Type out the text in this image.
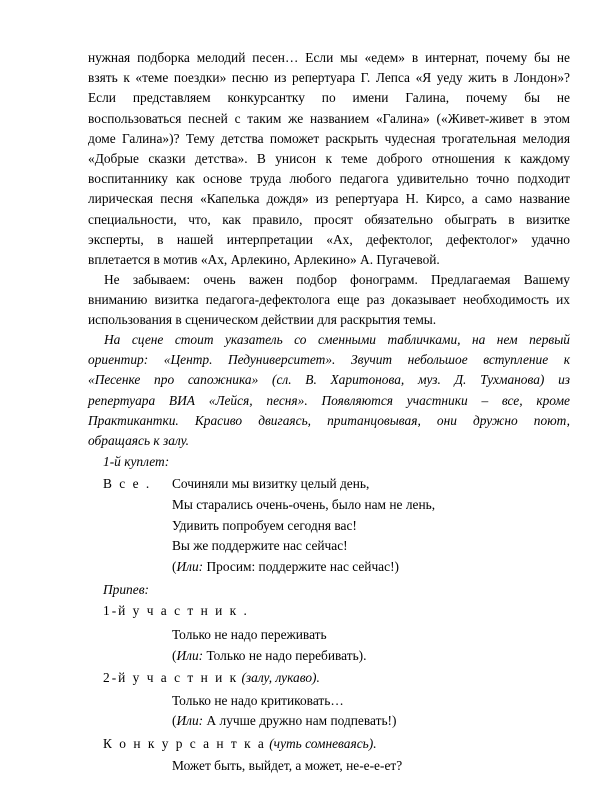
нужная подборка мелодий песен… Если мы «едем» в интернат, почему бы не
взять к «теме поездки» песню из репертуара Г. Лепса «Я уеду жить в Лондон»?
Если представляем конкурсантку по имени Галина, почему бы не
воспользоваться песней с таким же названием «Галина» («Живет-живет в этом
доме Галина»)? Тему детства поможет раскрыть чудесная трогательная мелодия
«Добрые сказки детства». В унисон к теме доброго отношения к каждому
воспитаннику как основе труда любого педагога удивительно точно подходит
лирическая песня «Капелька дождя» из репертуара Н. Кирсо, а само название
специальности, что, как правило, просят обязательно обыграть в визитке
эксперты, в нашей интерпретации «Ах, дефектолог, дефектолог» удачно
вплетается в мотив «Ах, Арлекино, Арлекино» А. Пугачевой.
Не забываем: очень важен подбор фонограмм. Предлагаемая Вашему
вниманию визитка педагога-дефектолога еще раз доказывает необходимость их
использования в сценическом действии для раскрытия темы.
На сцене стоит указатель со сменными табличками, на нем первый
ориентир: «Центр. Педуниверситет». Звучит небольшое вступление к
«Песенке про сапожника» (сл. В. Харитонова, муз. Д. Тухманова) из
репертуара ВИА «Лейся, песня». Появляются участники – все, кроме
Практикантки. Красиво двигаясь, пританцовывая, они дружно поют,
обращаясь к залу.
1-й куплет:
В с е . Сочиняли мы визитку целый день,
Мы старались очень-очень, было нам не лень,
Удивить попробуем сегодня вас!
Вы же поддержите нас сейчас!
(Или: Просим: поддержите нас сейчас!)
Припев:
1-й у ч а с т н и к .
Только не надо переживать
(Или: Только не надо перебивать).
2-й у ч а с т н и к (залу, лукаво).
Только не надо критиковать…
(Или: А лучше дружно нам подпевать!)
К о н к у р с а н т к а (чуть сомневаясь).
Может быть, выйдет, а может, не-е-е-ет?
